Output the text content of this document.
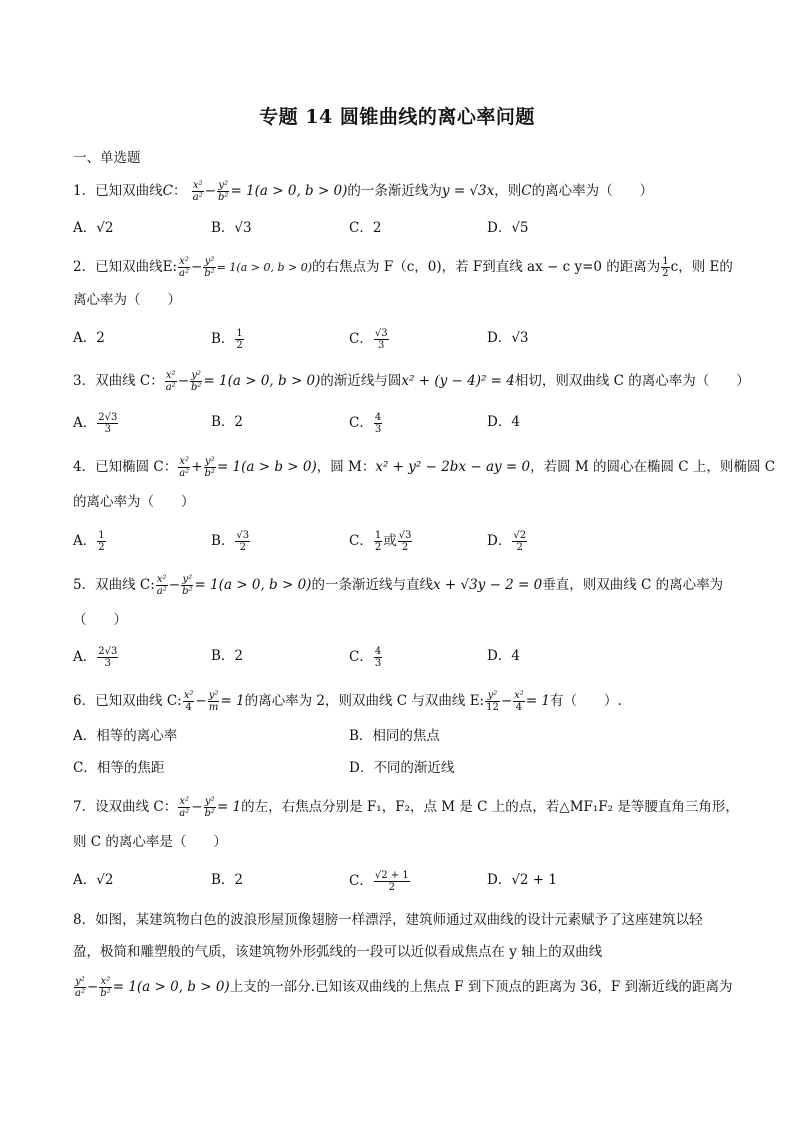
专题 14 圆锥曲线的离心率问题
一、单选题
1．已知双曲线C： $\frac{\text{x²}}{\text{a²}} - \frac{\text{y²}}{\text{b²}} = 1(a > 0$, b > 0)的一条渐近线为y = √3x，则C的离心率为（　　）
A．√2	B．√3	C．2	D．√5
2．已知双曲线E: $\frac{\text{x²}}{\text{a²}} - \frac{\text{y²}}{\text{b²}} = 1(a > 0$, b > 0)的右焦点为 F（c，0)，若 F到直线 ax − c y=0 的距离为 $\frac{1}{2}$ c，则 E的
离心率为（　　）
A．2	B． $\frac{1}{2}$	C． $\frac{√3}{3}$	D．√3
3．双曲线 C： $\frac{\text{x²}}{\text{a²}} - \frac{\text{y²}}{\text{b²}} = 1(a > 0$, b > 0)的渐近线与圆x² + (y − 4)² = 4相切，则双曲线 C 的离心率为（　　）
A． $\frac{2√3}{3}$	B．2	C． $\frac{4}{3}$	D．4
4．已知椭圆 C： $\frac{\text{x²}}{\text{a²}} + \frac{\text{y²}}{\text{b²}} = 1(a > b > 0)$，圆 M：x² + y² − 2bx − ay = 0，若圆 M 的圆心在椭圆 C 上，则椭圆 C
的离心率为（　　）
A． $\frac{1}{2}$	B． $\frac{√3}{2}$	C． $\frac{1}{2}$ 或 $\frac{√3}{2}$	D． $\frac{√2}{2}$
5．双曲线 C: $\frac{\text{x²}}{\text{a²}} - \frac{\text{y²}}{\text{b²}} = 1(a > 0$, b > 0)的一条渐近线与直线x + √3y − 2 = 0垂直，则双曲线 C 的离心率为
（　　）
A． $\frac{2√3}{3}$	B．2	C． $\frac{4}{3}$	D．4
6．已知双曲线 C: $\frac{\text{x²}}{4} - \frac{\text{y²}}{m} = 1$的离心率为 2，则双曲线 C 与双曲线 E: $\frac{\text{y²}}{12} - \frac{\text{x²}}{4} = 1$有（　　）.
A．相等的离心率	B．相同的焦点
C．相等的焦距	D．不同的渐近线
7．设双曲线 C： $\frac{\text{x²}}{\text{a²}} - \frac{\text{y²}}{\text{b²}} = 1$的左，右焦点分别是 F₁，F₂，点 M 是 C 上的点，若△MF₁F₂ 是等腰直角三角形，
则 C 的离心率是（　　）
A．√2	B．2	C． $\frac{√2 + 1}{2}$	D．√2 + 1
8．如图，某建筑物白色的波浪形屋顶像翅膀一样漂浮，建筑师通过双曲线的设计元素赋予了这座建筑以轻
盈，极简和雕塑般的气质，该建筑物外形弧线的一段可以近似看成焦点在 y 轴上的双曲线
$\frac{\text{y²}}{\text{a²}} - \frac{\text{x²}}{\text{b²}} = 1(a > 0$, b > 0)上支的一部分.已知该双曲线的上焦点 F 到下顶点的距离为 36，F 到渐近线的距离为
